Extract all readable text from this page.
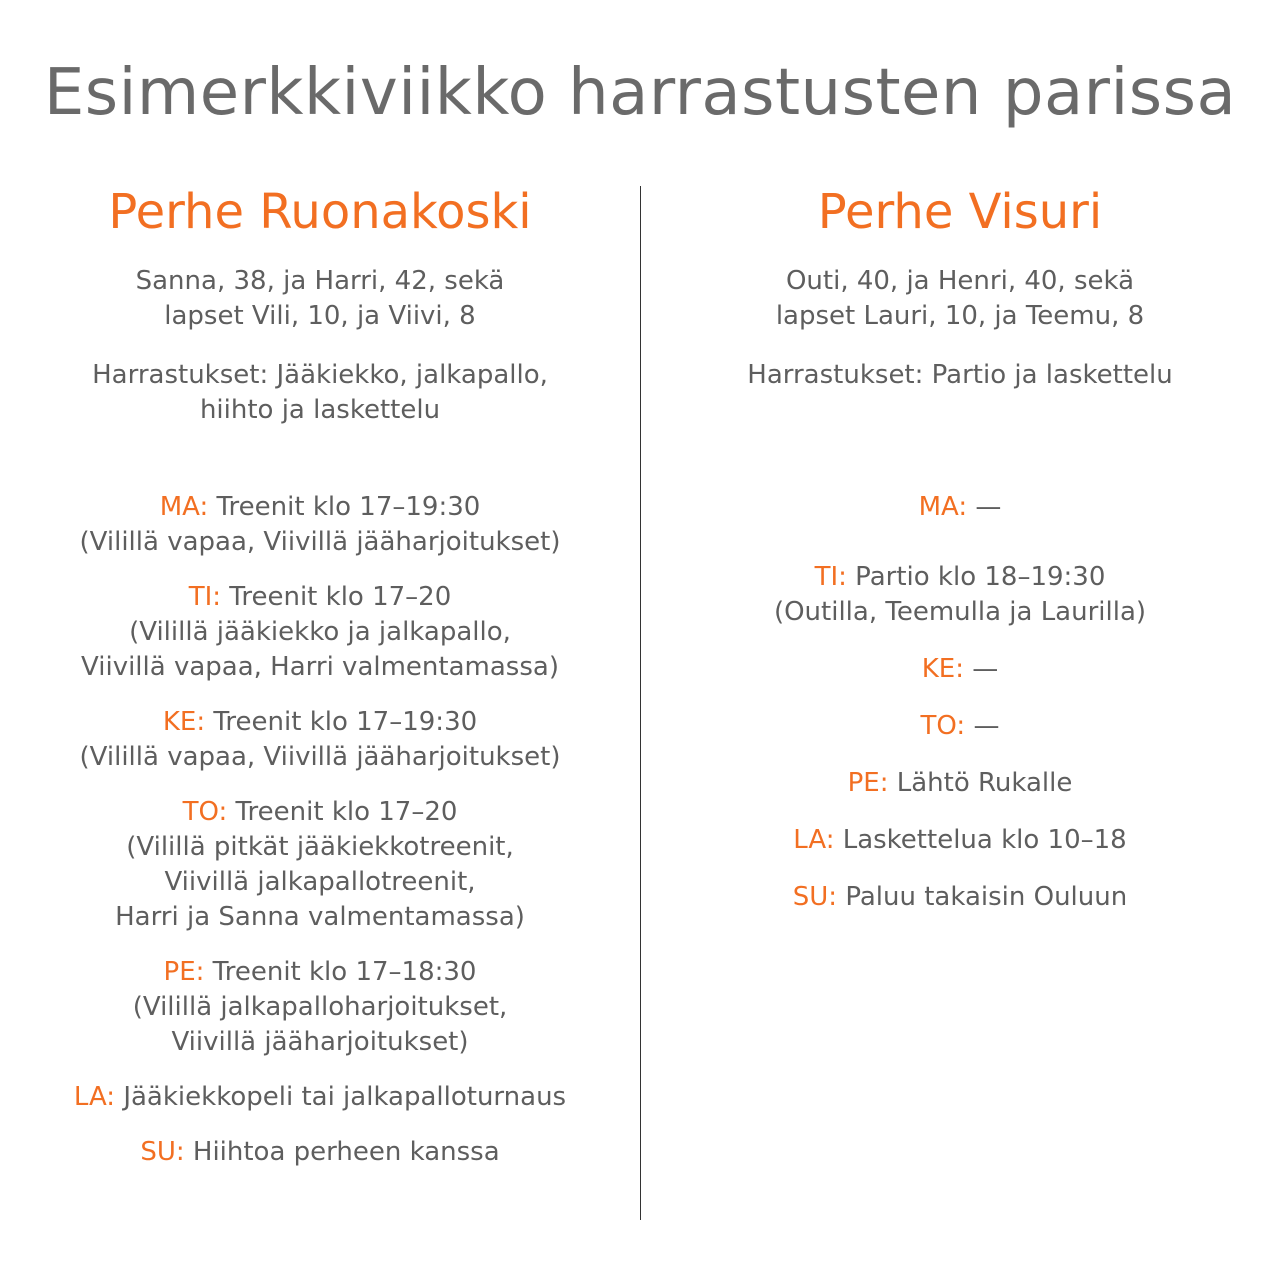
Esimerkkiviikko harrastusten parissa
Perhe Ruonakoski
Sanna, 38, ja Harri, 42, sekä
lapset Vili, 10, ja Viivi, 8
Harrastukset: Jääkiekko, jalkapallo,
hiihto ja laskettelu
MA: Treenit klo 17–19:30
(Vilillä vapaa, Viivillä jääharjoitukset)
TI: Treenit klo 17–20
(Vilillä jääkiekko ja jalkapallo,
Viivillä vapaa, Harri valmentamassa)
KE: Treenit klo 17–19:30
(Vilillä vapaa, Viivillä jääharjoitukset)
TO: Treenit klo 17–20
(Vilillä pitkät jääkiekkotreenit,
Viivillä jalkapallotreenit,
Harri ja Sanna valmentamassa)
PE: Treenit klo 17–18:30
(Vilillä jalkapalloharjoitukset,
Viivillä jääharjoitukset)
LA: Jääkiekkopeli tai jalkapalloturnaus
SU: Hiihtoa perheen kanssa
Perhe Visuri
Outi, 40, ja Henri, 40, sekä
lapset Lauri, 10, ja Teemu, 8
Harrastukset: Partio ja laskettelu
MA: —
TI: Partio klo 18–19:30
(Outilla, Teemulla ja Laurilla)
KE: —
TO: —
PE: Lähtö Rukalle
LA: Laskettelua klo 10–18
SU: Paluu takaisin Ouluun
